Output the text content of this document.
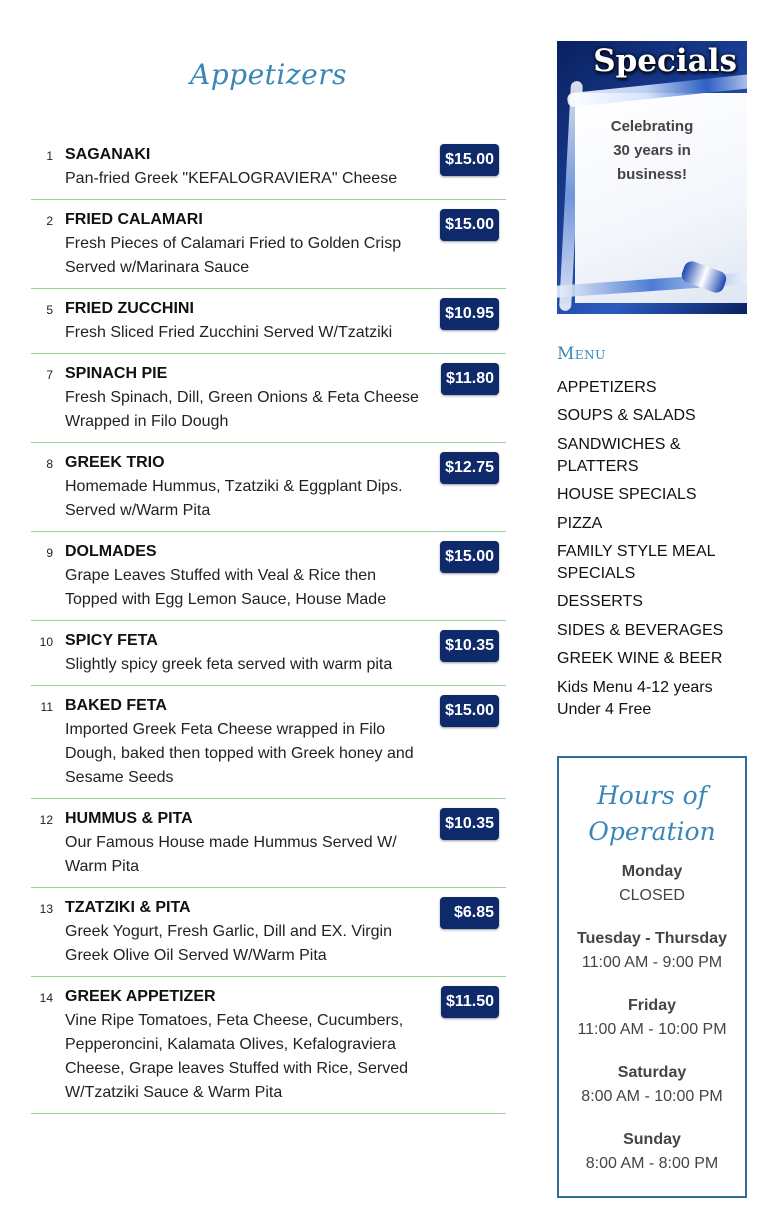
Appetizers
1 SAGANAKI
Pan-fried Greek "KEFALOGRAVIERA" Cheese
$15.00
2 FRIED CALAMARI
Fresh Pieces of Calamari Fried to Golden Crisp Served w/Marinara Sauce
$15.00
5 FRIED ZUCCHINI
Fresh Sliced Fried Zucchini Served W/Tzatziki
$10.95
7 SPINACH PIE
Fresh Spinach, Dill, Green Onions & Feta Cheese Wrapped in Filo Dough
$11.80
8 GREEK TRIO
Homemade Hummus, Tzatziki & Eggplant Dips. Served w/Warm Pita
$12.75
9 DOLMADES
Grape Leaves Stuffed with Veal & Rice then Topped with Egg Lemon Sauce, House Made
$15.00
10 SPICY FETA
Slightly spicy greek feta served with warm pita
$10.35
11 BAKED FETA
Imported Greek Feta Cheese wrapped in Filo Dough, baked then topped with Greek honey and Sesame Seeds
$15.00
12 HUMMUS & PITA
Our Famous House made Hummus Served W/ Warm Pita
$10.35
13 TZATZIKI & PITA
Greek Yogurt, Fresh Garlic, Dill and EX. Virgin Greek Olive Oil Served W/Warm Pita
$6.85
14 GREEK APPETIZER
Vine Ripe Tomatoes, Feta Cheese, Cucumbers, Pepperoncini, Kalamata Olives, Kefalograviera Cheese, Grape leaves Stuffed with Rice, Served W/Tzatziki Sauce & Warm Pita
$11.50
Specials
Celebrating
30 years in
business!
Menu
APPETIZERS
SOUPS & SALADS
SANDWICHES & PLATTERS
HOUSE SPECIALS
PIZZA
FAMILY STYLE MEAL SPECIALS
DESSERTS
SIDES & BEVERAGES
GREEK WINE & BEER
Kids Menu 4-12 years Under 4 Free
Hours of Operation
Monday
CLOSED
Tuesday - Thursday
11:00 AM - 9:00 PM
Friday
11:00 AM - 10:00 PM
Saturday
8:00 AM - 10:00 PM
Sunday
8:00 AM - 8:00 PM
